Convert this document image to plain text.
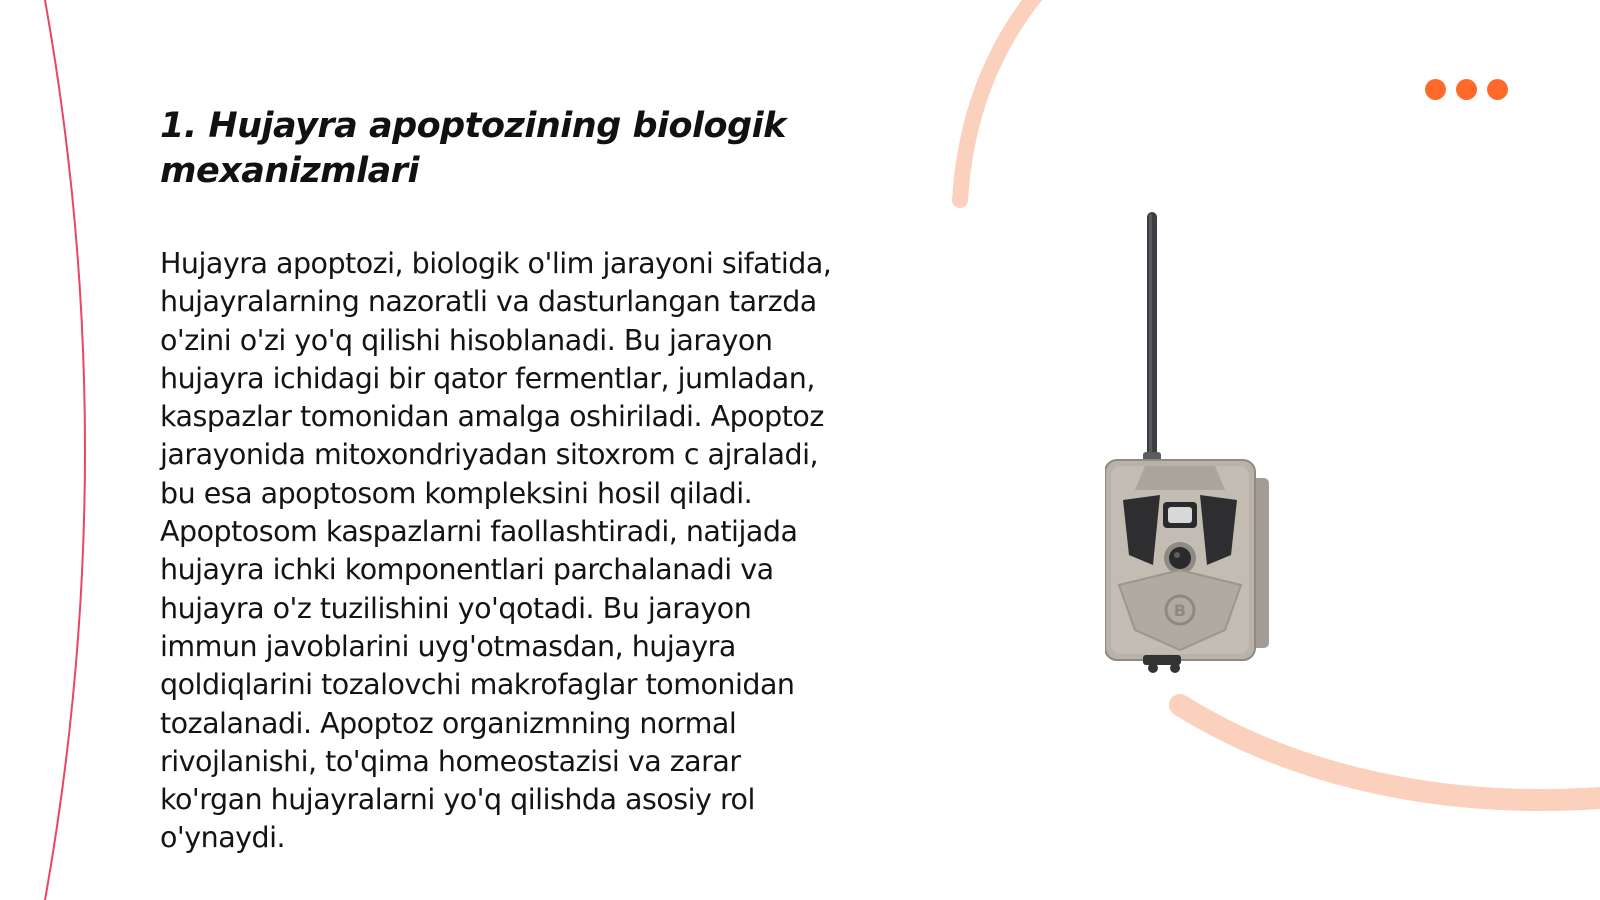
1. Hujayra apoptozining biologik mexanizmlari

Hujayra apoptozi, biologik o'lim jarayoni sifatida, hujayralarning nazoratli va dasturlangan tarzda o'zini o'zi yo'q qilishi hisoblanadi. Bu jarayon hujayra ichidagi bir qator fermentlar, jumladan, kaspazlar tomonidan amalga oshiriladi. Apoptoz jarayonida mitoxondriyadan sitoxrom c ajraladi, bu esa apoptosom kompleksini hosil qiladi. Apoptosom kaspazlarni faollashtiradi, natijada hujayra ichki komponentlari parchalanadi va hujayra o'z tuzilishini yo'qotadi. Bu jarayon immun javoblarini uyg'otmasdan, hujayra qoldiqlarini tozalovchi makrofaglar tomonidan tozalanadi. Apoptoz organizmning normal rivojlanishi, to'qima homeostazisi va zarar ko'rgan hujayralarni yo'q qilishda asosiy rol o'ynaydi.

B
